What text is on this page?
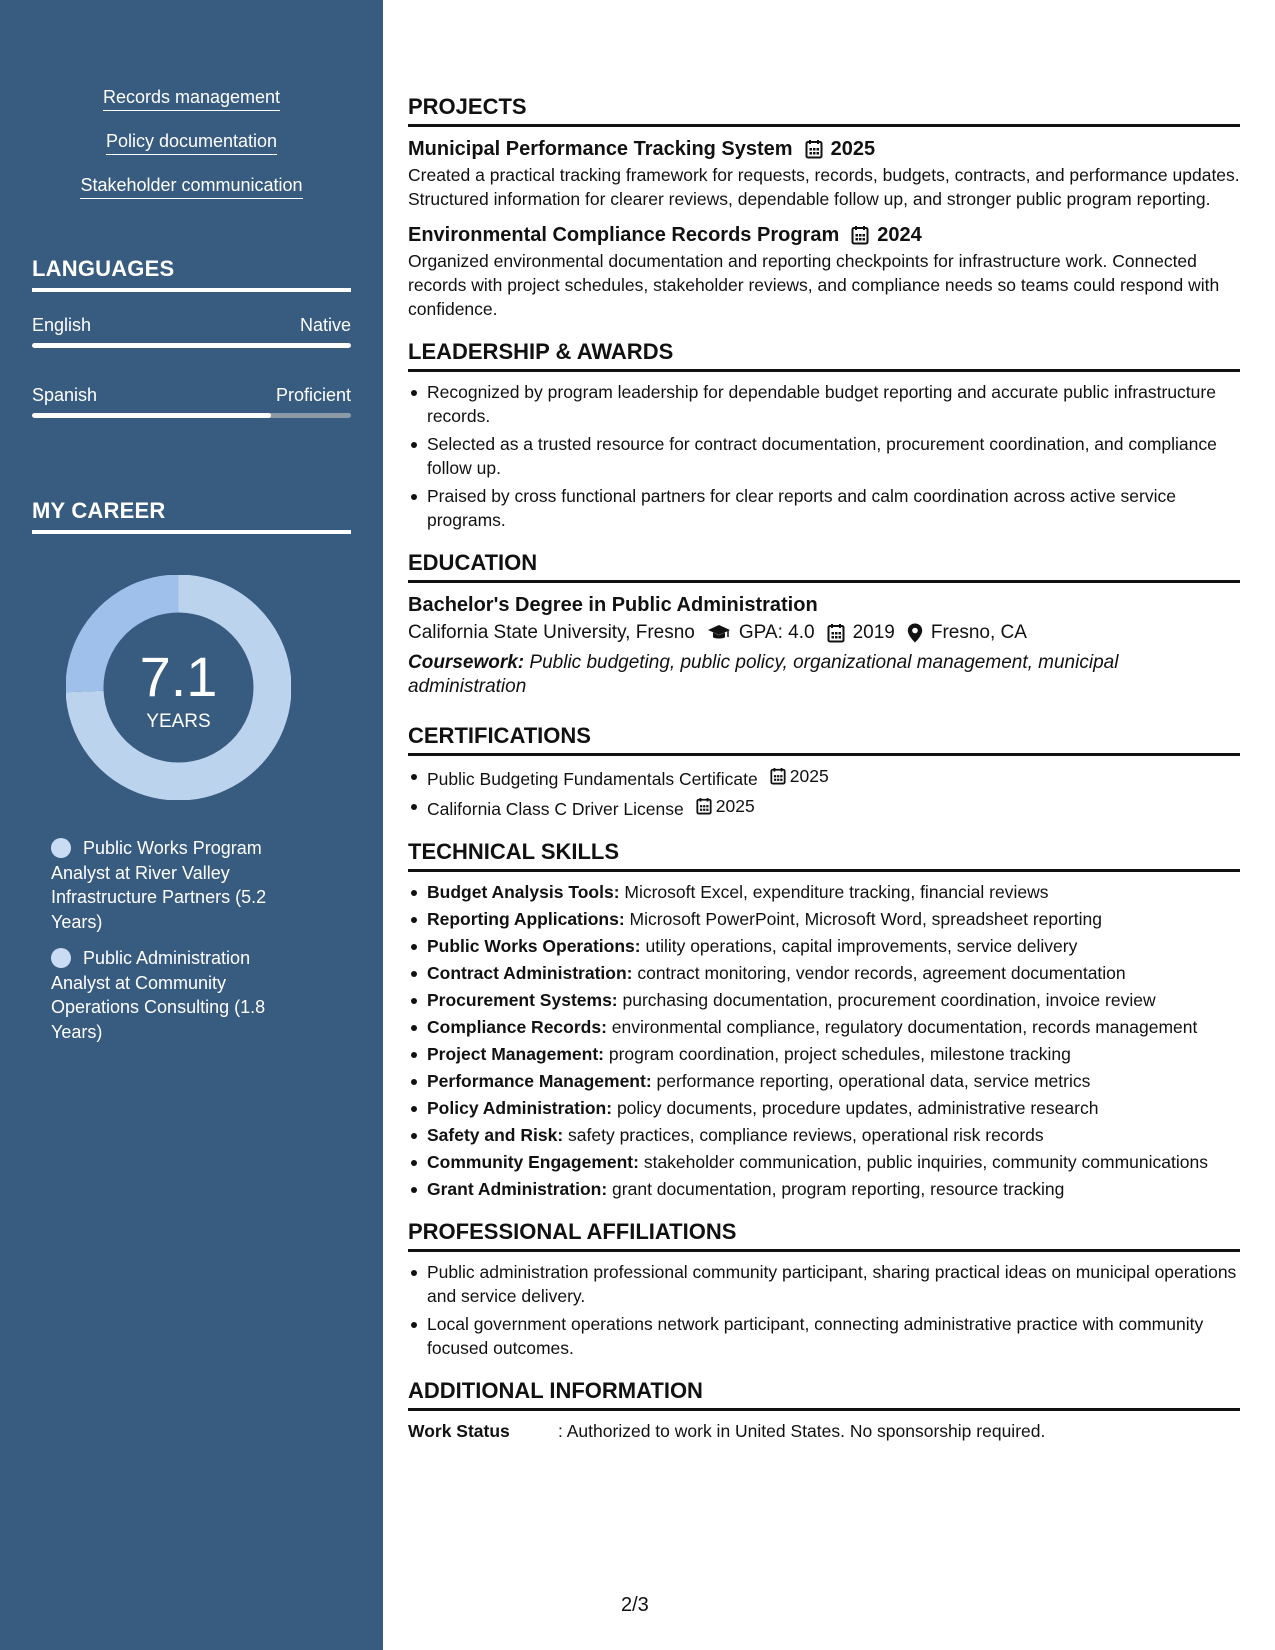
Records management
Policy documentation
Stakeholder communication
LANGUAGES
English	Native
Spanish	Proficient
MY CAREER
7.1
YEARS
Public Works Program Analyst at River Valley Infrastructure Partners (5.2 Years)
Public Administration Analyst at Community Operations Consulting (1.8 Years)
PROJECTS
Municipal Performance Tracking System 2025

Created a practical tracking framework for requests, records, budgets, contracts, and performance updates. Structured information for clearer reviews, dependable follow up, and stronger public program reporting.

Environmental Compliance Records Program 2024

Organized environmental documentation and reporting checkpoints for infrastructure work. Connected records with project schedules, stakeholder reviews, and compliance needs so teams could respond with confidence.

LEADERSHIP & AWARDS
Recognized by program leadership for dependable budget reporting and accurate public infrastructure records.
Selected as a trusted resource for contract documentation, procurement coordination, and compliance follow up.
Praised by cross functional partners for clear reports and calm coordination across active service programs.
EDUCATION
Bachelor's Degree in Public Administration
California State University, Fresno GPA: 4.0 2019 Fresno, CA

Coursework: Public budgeting, public policy, organizational management, municipal administration

CERTIFICATIONS
Public Budgeting Fundamentals Certificate 2025
California Class C Driver License 2025
TECHNICAL SKILLS
Budget Analysis Tools: Microsoft Excel, expenditure tracking, financial reviews
Reporting Applications: Microsoft PowerPoint, Microsoft Word, spreadsheet reporting
Public Works Operations: utility operations, capital improvements, service delivery
Contract Administration: contract monitoring, vendor records, agreement documentation
Procurement Systems: purchasing documentation, procurement coordination, invoice review
Compliance Records: environmental compliance, regulatory documentation, records management
Project Management: program coordination, project schedules, milestone tracking
Performance Management: performance reporting, operational data, service metrics
Policy Administration: policy documents, procedure updates, administrative research
Safety and Risk: safety practices, compliance reviews, operational risk records
Community Engagement: stakeholder communication, public inquiries, community communications
Grant Administration: grant documentation, program reporting, resource tracking
PROFESSIONAL AFFILIATIONS
Public administration professional community participant, sharing practical ideas on municipal operations and service delivery.
Local government operations network participant, connecting administrative practice with community focused outcomes.
ADDITIONAL INFORMATION
Work Status	: Authorized to work in United States. No sponsorship required.
2/3
